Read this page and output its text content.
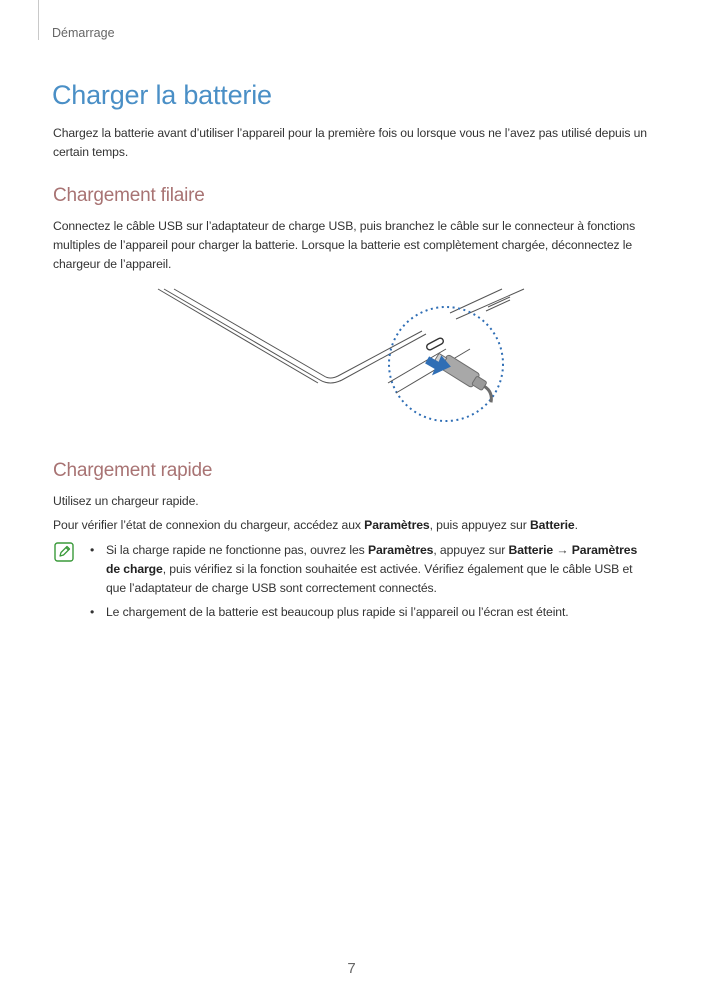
Démarrage
Charger la batterie

Chargez la batterie avant d’utiliser l’appareil pour la première fois ou lorsque vous ne l’avez pas utilisé depuis un certain temps.

Chargement filaire

Connectez le câble USB sur l’adaptateur de charge USB, puis branchez le câble sur le connecteur à fonctions multiples de l’appareil pour charger la batterie. Lorsque la batterie est complètement chargée, déconnectez le chargeur de l’appareil.

Chargement rapide

Utilisez un chargeur rapide.

Pour vérifier l’état de connexion du chargeur, accédez aux Paramètres, puis appuyez sur Batterie.

• Si la charge rapide ne fonctionne pas, ouvrez les Paramètres, appuyez sur Batterie → Paramètres de charge, puis vérifiez si la fonction souhaitée est activée. Vérifiez également que le câble USB et que l’adaptateur de charge USB sont correctement connectés.
• Le chargement de la batterie est beaucoup plus rapide si l’appareil ou l’écran est éteint.
7
